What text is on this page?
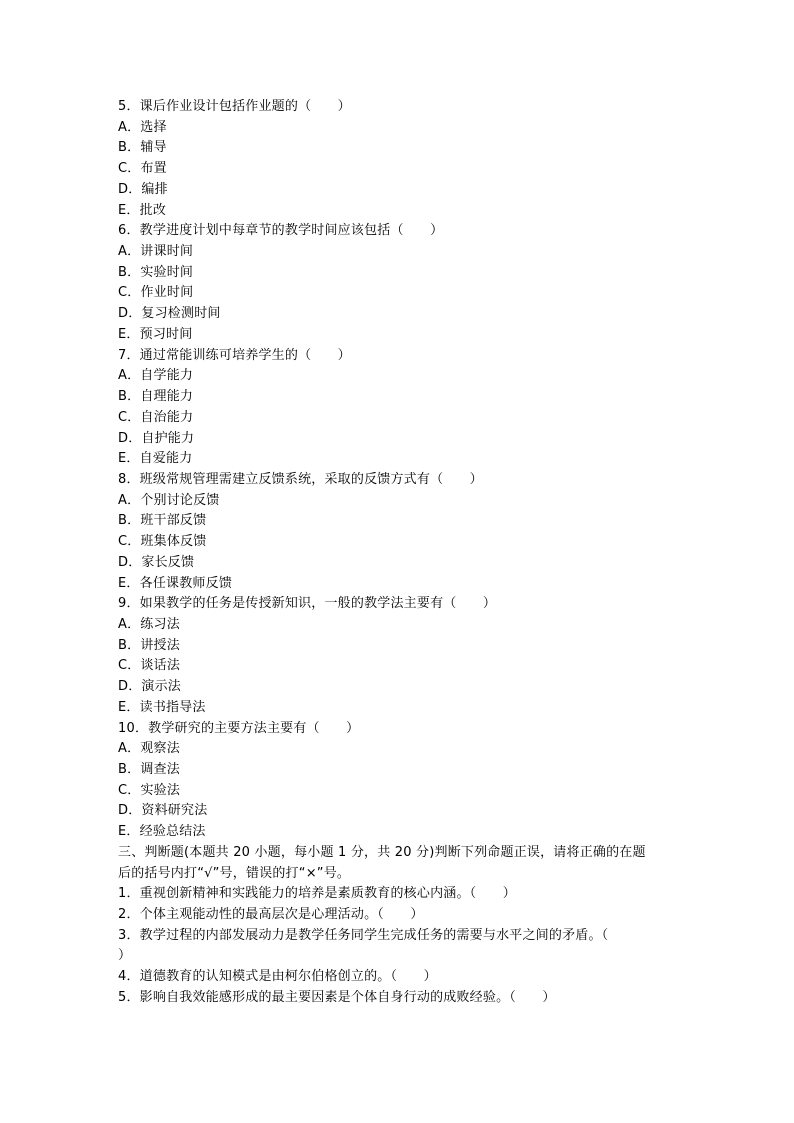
5．课后作业设计包括作业题的（　　）
A．选择
B．辅导
C．布置
D．编排
E．批改
6．教学进度计划中每章节的教学时间应该包括（　　）
A．讲课时间
B．实验时间
C．作业时间
D．复习检测时间
E．预习时间
7．通过常能训练可培养学生的（　　）
A．自学能力
B．自理能力
C．自治能力
D．自护能力
E．自爱能力
8．班级常规管理需建立反馈系统，采取的反馈方式有（　　）
A．个别讨论反馈
B．班干部反馈
C．班集体反馈
D．家长反馈
E．各任课教师反馈
9．如果教学的任务是传授新知识，一般的教学法主要有（　　）
A．练习法
B．讲授法
C．谈话法
D．演示法
E．读书指导法
10．教学研究的主要方法主要有（　　）
A．观察法
B．调查法
C．实验法
D．资料研究法
E．经验总结法
三、判断题(本题共 20 小题，每小题 1 分，共 20 分)判断下列命题正误，请将正确的在题
后的括号内打“√”号，错误的打“×”号。
1．重视创新精神和实践能力的培养是素质教育的核心内涵。（　　）
2．个体主观能动性的最高层次是心理活动。（　　）
3．教学过程的内部发展动力是教学任务同学生完成任务的需要与水平之间的矛盾。（
）
4．道德教育的认知模式是由柯尔伯格创立的。（　　）
5．影响自我效能感形成的最主要因素是个体自身行动的成败经验。（　　）
